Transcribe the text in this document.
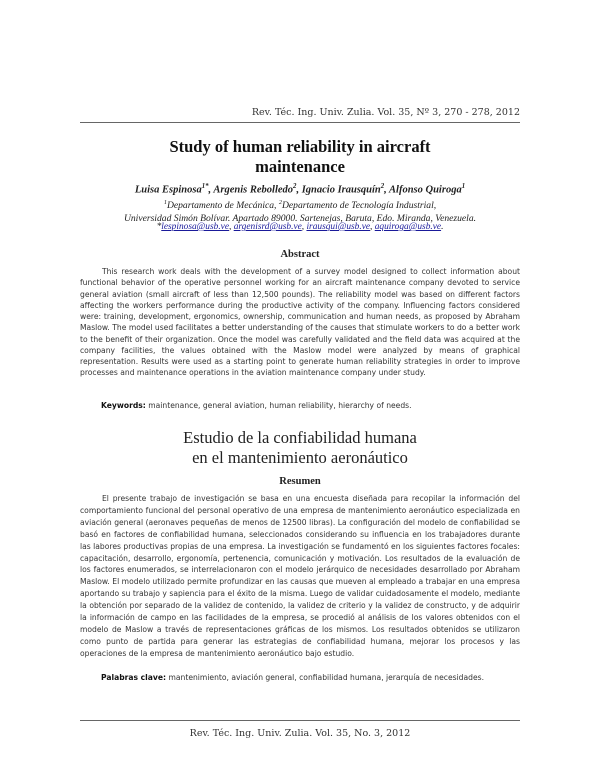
Rev. Téc. Ing. Univ. Zulia. Vol. 35, Nº 3, 270 - 278, 2012
Study of human reliability in aircraft
maintenance
Luisa Espinosa$^{1*}$, Argenis Rebolledo$^2$, Ignacio Irausquín$^2$, Alfonso Quiroga$^1$
$^1$Departamento de Mecánica, $^2$Departamento de Tecnología Industrial,
Universidad Simón Bolívar. Apartado 89000. Sartenejas, Baruta, Edo. Miranda, Venezuela.
*lespinosa@usb.ve, argenisrd@usb.ve, irausqui@usb.ve, aquiroga@usb.ve.
Abstract
This research work deals with the development of a survey model designed to collect information about functional behavior of the operative personnel working for an aircraft maintenance company devoted to service general aviation (small aircraft of less than 12,500 pounds). The reliability model was based on different factors affecting the workers performance during the productive activity of the company. Influencing factors considered were: training, development, ergonomics, ownership, communication and human needs, as proposed by Abraham Maslow. The model used facilitates a better understanding of the causes that stimulate workers to do a better work to the benefit of their organization. Once the model was carefully validated and the field data was acquired at the company facilities, the values obtained with the Maslow model were analyzed by means of graphical representation. Results were used as a starting point to generate human reliability strategies in order to improve processes and maintenance operations in the aviation maintenance company under study.
Keywords: maintenance, general aviation, human reliability, hierarchy of needs.
Estudio de la confiabilidad humana
en el mantenimiento aeronáutico
Resumen
El presente trabajo de investigación se basa en una encuesta diseñada para recopilar la información del comportamiento funcional del personal operativo de una empresa de mantenimiento aeronáutico especializada en aviación general (aeronaves pequeñas de menos de 12500 libras). La configuración del modelo de confiabilidad se basó en factores de confiabilidad humana, seleccionados considerando su influencia en los trabajadores durante las labores productivas propias de una empresa. La investigación se fundamentó en los siguientes factores focales: capacitación, desarrollo, ergonomía, pertenencia, comunicación y motivación. Los resultados de la evaluación de los factores enumerados, se interrelacionaron con el modelo jerárquico de necesidades desarrollado por Abraham Maslow. El modelo utilizado permite profundizar en las causas que mueven al empleado a trabajar en una empresa aportando su trabajo y sapiencia para el éxito de la misma. Luego de validar cuidadosamente el modelo, mediante la obtención por separado de la validez de contenido, la validez de criterio y la validez de constructo, y de adquirir la información de campo en las facilidades de la empresa, se procedió al análisis de los valores obtenidos con el modelo de Maslow a través de representaciones gráficas de los mismos. Los resultados obtenidos se utilizaron como punto de partida para generar las estrategias de confiabilidad humana, mejorar los procesos y las operaciones de la empresa de mantenimiento aeronáutico bajo estudio.
Palabras clave: mantenimiento, aviación general, confiabilidad humana, jerarquía de necesidades.
Rev. Téc. Ing. Univ. Zulia. Vol. 35, No. 3, 2012
